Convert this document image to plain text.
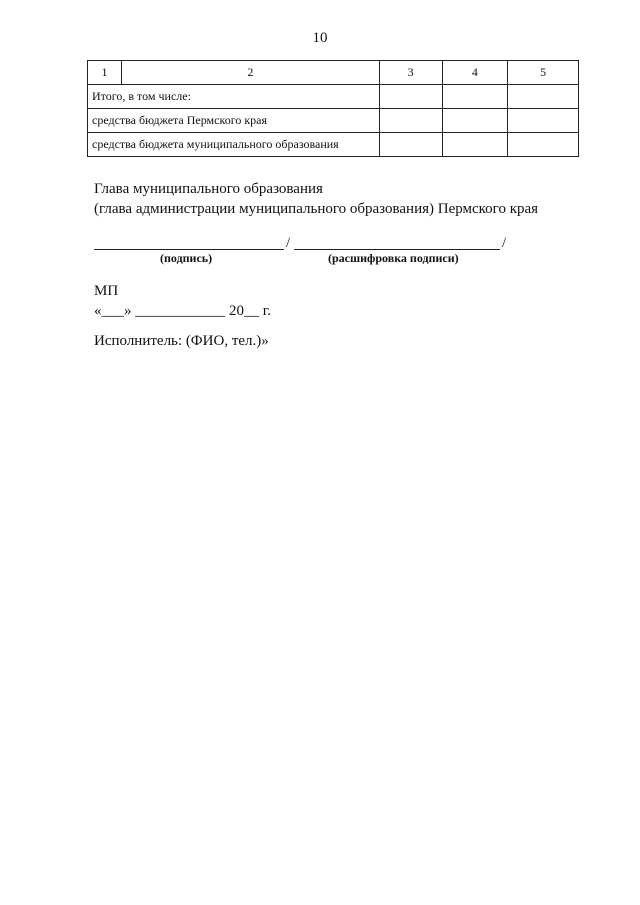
10
1	2	3	4	5
Итого, в том числе:				
средства бюджета Пермского края				
средства бюджета муниципального образования				
Глава муниципального образования
(глава администрации муниципального образования) Пермского края
/	/
(подпись)	(расшифровка подписи)
МП
«___» ____________ 20__ г.
Исполнитель: (ФИО, тел.)»
